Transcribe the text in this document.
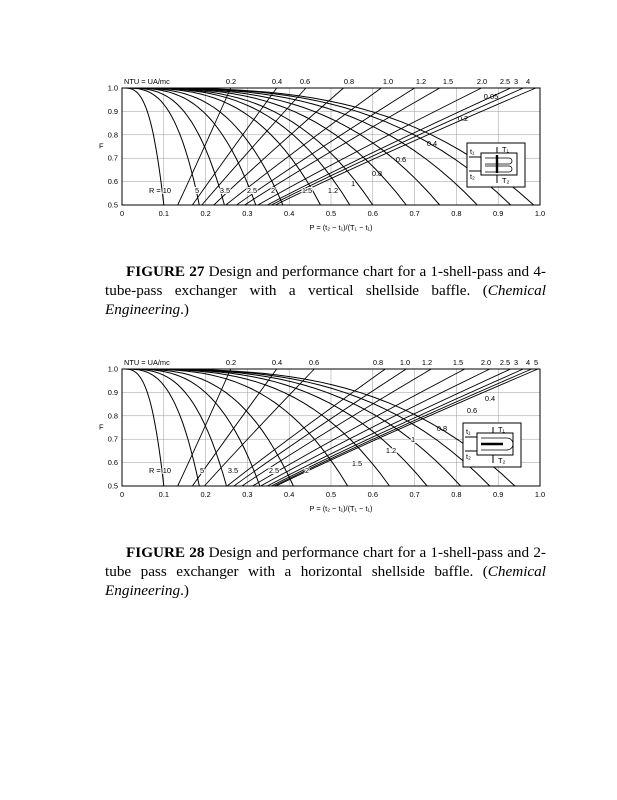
0	0.1	0.2	0.3	0.4	0.5	0.6	0.7	0.8	0.9	1.0
0.5
0.6
0.7
0.8
0.9
1.0
F
P = (t₂ − t₁)/(T₁ − t₁)
NTU = UA/mc	0.2	0.4 0.6	0.8	1.0	1.2 1.5	2.0 2.5 3 4
0.05
0.2
0.4
0.6
0.8
R = 10	5	3.5 2.5 2	1.5 1.2
1
T₁
t₁
t₂	T₂

FIGURE 27 Design and performance chart for a 1-shell-pass and 4-tube-pass exchanger with a vertical shellside baffle. (Chemical Engineering.)

0	0.1	0.2	0.3	0.4	0.5	0.6	0.7	0.8	0.9	1.0
0.5
0.6
0.7
0.8
0.9
1.0
F
P = (t₂ − t₁)/(T₁ − t₁)
NTU = UA/mc	0.2	0.4	0.6	0.8 1.0 1.2	1.5 2.0 2.5 3 4 5
0.4
0.6
0.8
R = 10	5	3.5	2.5	2
1.5
1.2
1
T₁
t₁
t₂	T₂

FIGURE 28 Design and performance chart for a 1-shell-pass and 2-tube pass exchanger with a horizontal shellside baffle. (Chemical Engineering.)
